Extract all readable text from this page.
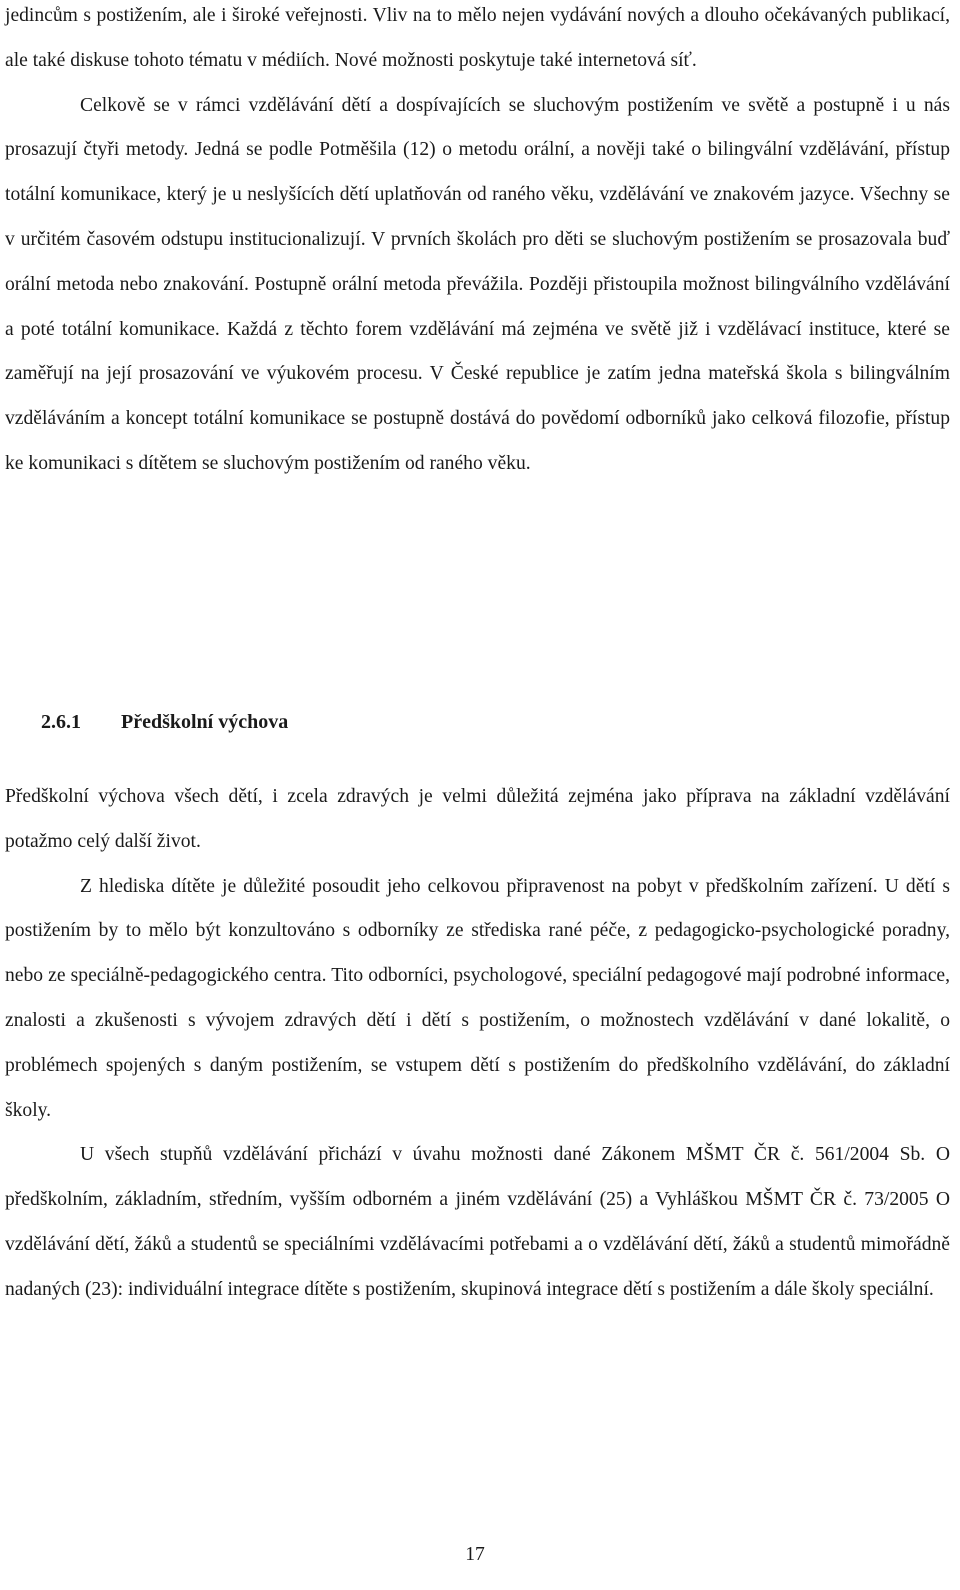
jedincům s postižením, ale i široké veřejnosti. Vliv na to mělo nejen vydávání nových a dlouho očekávaných publikací, ale také diskuse tohoto tématu v médiích. Nové možnosti poskytuje také internetová síť.

Celkově se v rámci vzdělávání dětí a dospívajících se sluchovým postižením ve světě a postupně i u nás prosazují čtyři metody. Jedná se podle Potměšila (12) o metodu orální, a nověji také o bilingvální vzdělávání, přístup totální komunikace, který je u neslyšících dětí uplatňován od raného věku, vzdělávání ve znakovém jazyce. Všechny se v určitém časovém odstupu institucionalizují. V prvních školách pro děti se sluchovým postižením se prosazovala buď orální metoda nebo znakování. Postupně orální metoda převážila. Později přistoupila možnost bilingválního vzdělávání a poté totální komunikace. Každá z těchto forem vzdělávání má zejména ve světě již i vzdělávací instituce, které se zaměřují na její prosazování ve výukovém procesu. V České republice je zatím jedna mateřská škola s bilingválním vzděláváním a koncept totální komunikace se postupně dostává do povědomí odborníků jako celková filozofie, přístup ke komunikaci s dítětem se sluchovým postižením od raného věku.

2.6.1 Předškolní výchova

Předškolní výchova všech dětí, i zcela zdravých je velmi důležitá zejména jako příprava na základní vzdělávání potažmo celý další život.

Z hlediska dítěte je důležité posoudit jeho celkovou připravenost na pobyt v předškolním zařízení. U dětí s postižením by to mělo být konzultováno s odborníky ze střediska rané péče, z pedagogicko-psychologické poradny, nebo ze speciálně-pedagogického centra. Tito odborníci, psychologové, speciální pedagogové mají podrobné informace, znalosti a zkušenosti s vývojem zdravých dětí i dětí s postižením, o možnostech vzdělávání v dané lokalitě, o problémech spojených s daným postižením, se vstupem dětí s postižením do předškolního vzdělávání, do základní školy.

U všech stupňů vzdělávání přichází v úvahu možnosti dané Zákonem MŠMT ČR č. 561/2004 Sb. O předškolním, základním, středním, vyšším odborném a jiném vzdělávání (25) a Vyhláškou MŠMT ČR č. 73/2005 O vzdělávání dětí, žáků a studentů se speciálními vzdělávacími potřebami a o vzdělávání dětí, žáků a studentů mimořádně nadaných (23): individuální integrace dítěte s postižením, skupinová integrace dětí s postižením a dále školy speciální.

17
